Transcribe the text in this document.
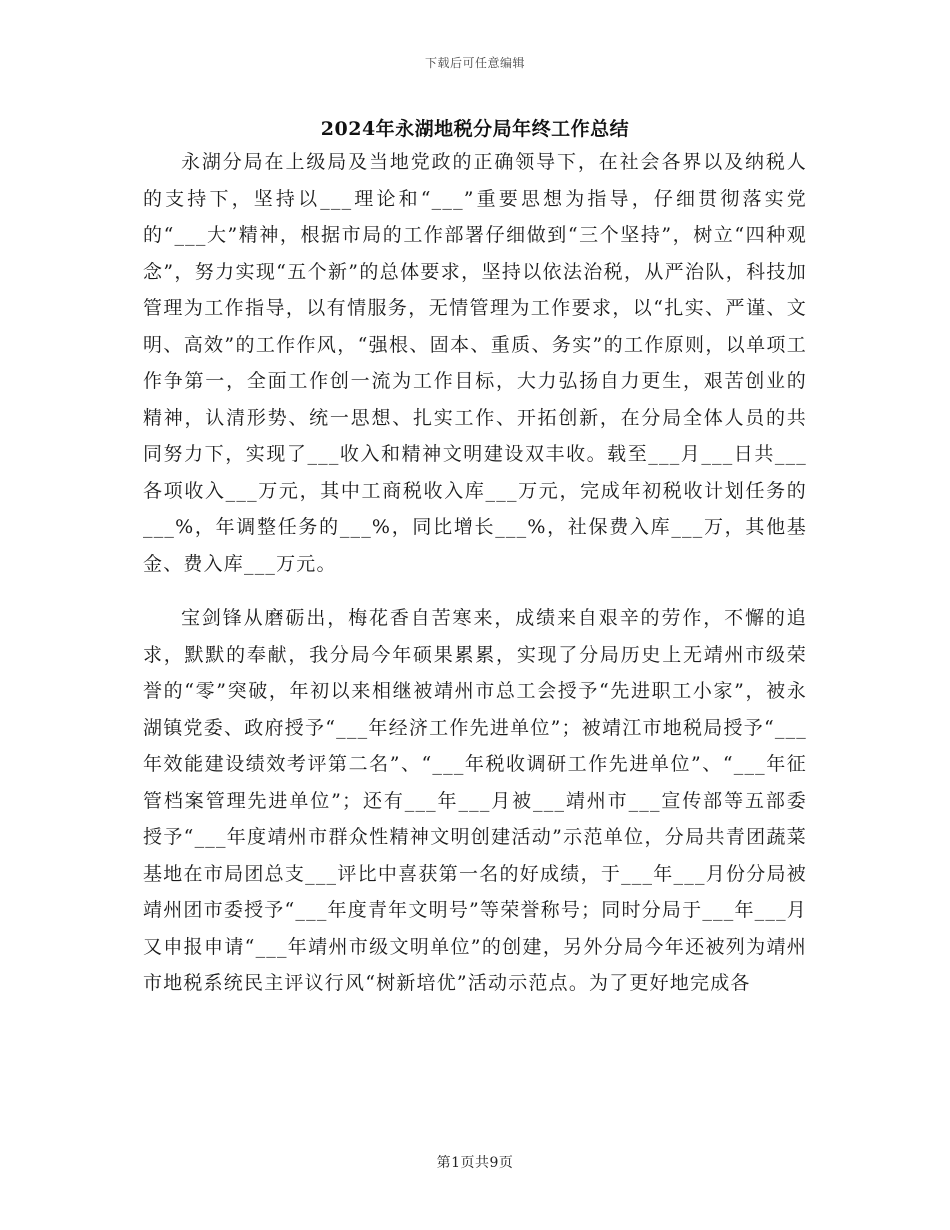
下载后可任意编辑
2024年永湖地税分局年终工作总结

永湖分局在上级局及当地党政的正确领导下，在社会各界以及纳税人的支持下，坚持以___理论和“___”重要思想为指导，仔细贯彻落实党的“___大”精神，根据市局的工作部署仔细做到“三个坚持”，树立“四种观念”，努力实现“五个新”的总体要求，坚持以依法治税，从严治队，科技加管理为工作指导，以有情服务，无情管理为工作要求，以“扎实、严谨、文明、高效”的工作作风，“强根、固本、重质、务实”的工作原则，以单项工作争第一，全面工作创一流为工作目标，大力弘扬自力更生，艰苦创业的精神，认清形势、统一思想、扎实工作、开拓创新，在分局全体人员的共同努力下，实现了___收入和精神文明建设双丰收。载至___月___日共___各项收入___万元，其中工商税收入库___万元，完成年初税收计划任务的___%，年调整任务的___%，同比增长___%，社保费入库___万，其他基金、费入库___万元。

宝剑锋从磨砺出，梅花香自苦寒来，成绩来自艰辛的劳作，不懈的追求，默默的奉献，我分局今年硕果累累，实现了分局历史上无靖州市级荣誉的“零”突破，年初以来相继被靖州市总工会授予“先进职工小家”，被永湖镇党委、政府授予“___年经济工作先进单位”；被靖江市地税局授予“___年效能建设绩效考评第二名”、“___年税收调研工作先进单位”、“___年征管档案管理先进单位”；还有___年___月被___靖州市___宣传部等五部委授予“___年度靖州市群众性精神文明创建活动”示范单位，分局共青团蔬菜基地在市局团总支___评比中喜获第一名的好成绩，于___年___月份分局被靖州团市委授予“___年度青年文明号”等荣誉称号；同时分局于___年___月又申报申请“___年靖州市级文明单位”的创建，另外分局今年还被列为靖州市地税系统民主评议行风“树新培优”活动示范点。为了更好地完成各

第1页共9页
